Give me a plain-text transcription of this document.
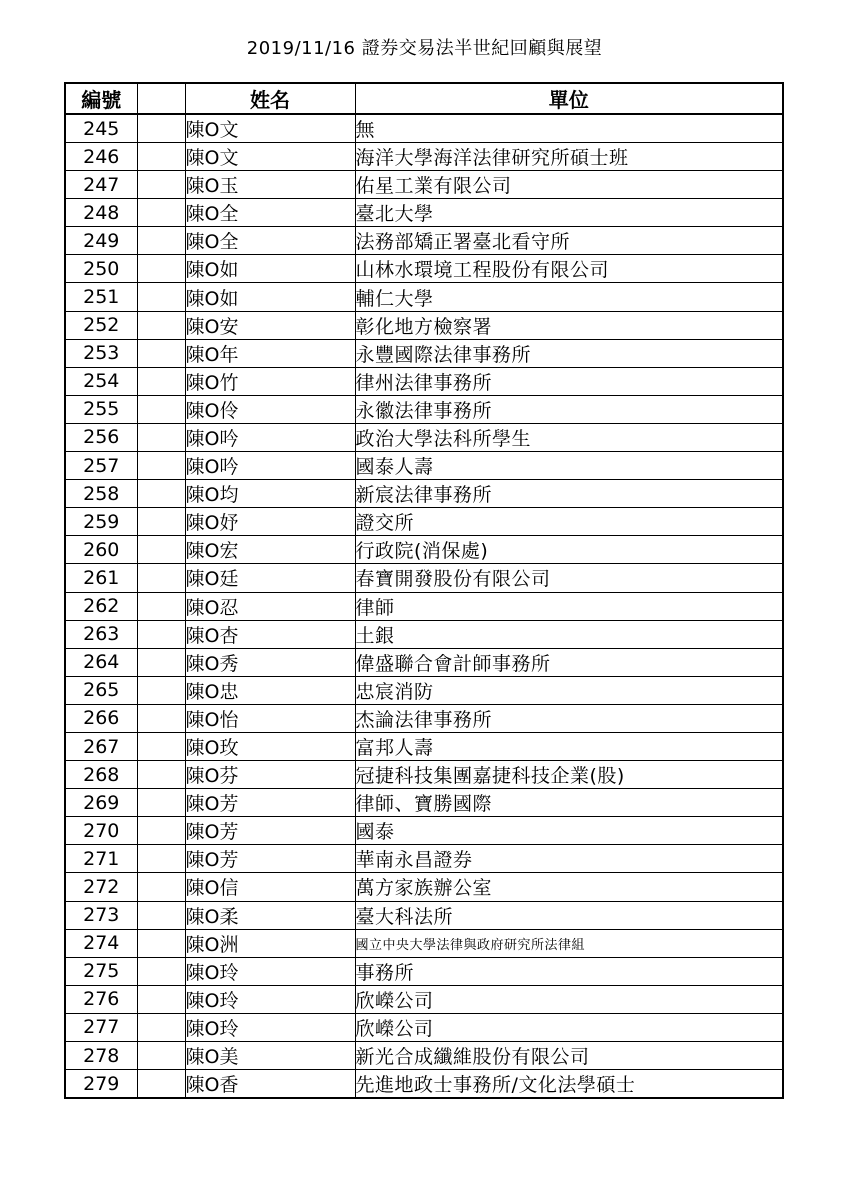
2019/11/16 證券交易法半世紀回顧與展望
編號		姓名	單位
245		陳O文	無
246		陳O文	海洋大學海洋法律研究所碩士班
247		陳O玉	佑星工業有限公司
248		陳O全	臺北大學
249		陳O全	法務部矯正署臺北看守所
250		陳O如	山林水環境工程股份有限公司
251		陳O如	輔仁大學
252		陳O安	彰化地方檢察署
253		陳O年	永豐國際法律事務所
254		陳O竹	律州法律事務所
255		陳O伶	永徽法律事務所
256		陳O吟	政治大學法科所學生
257		陳O吟	國泰人壽
258		陳O均	新宸法律事務所
259		陳O妤	證交所
260		陳O宏	行政院(消保處)
261		陳O廷	春寶開發股份有限公司
262		陳O忍	律師
263		陳O杏	土銀
264		陳O秀	偉盛聯合會計師事務所
265		陳O忠	忠宸消防
266		陳O怡	杰論法律事務所
267		陳O玫	富邦人壽
268		陳O芬	冠捷科技集團嘉捷科技企業(股)
269		陳O芳	律師、寶勝國際
270		陳O芳	國泰
271		陳O芳	華南永昌證券
272		陳O信	萬方家族辦公室
273		陳O柔	臺大科法所
274		陳O洲	國立中央大學法律與政府研究所法律組
275		陳O玲	事務所
276		陳O玲	欣嶸公司
277		陳O玲	欣嶸公司
278		陳O美	新光合成纖維股份有限公司
279		陳O香	先進地政士事務所/文化法學碩士
